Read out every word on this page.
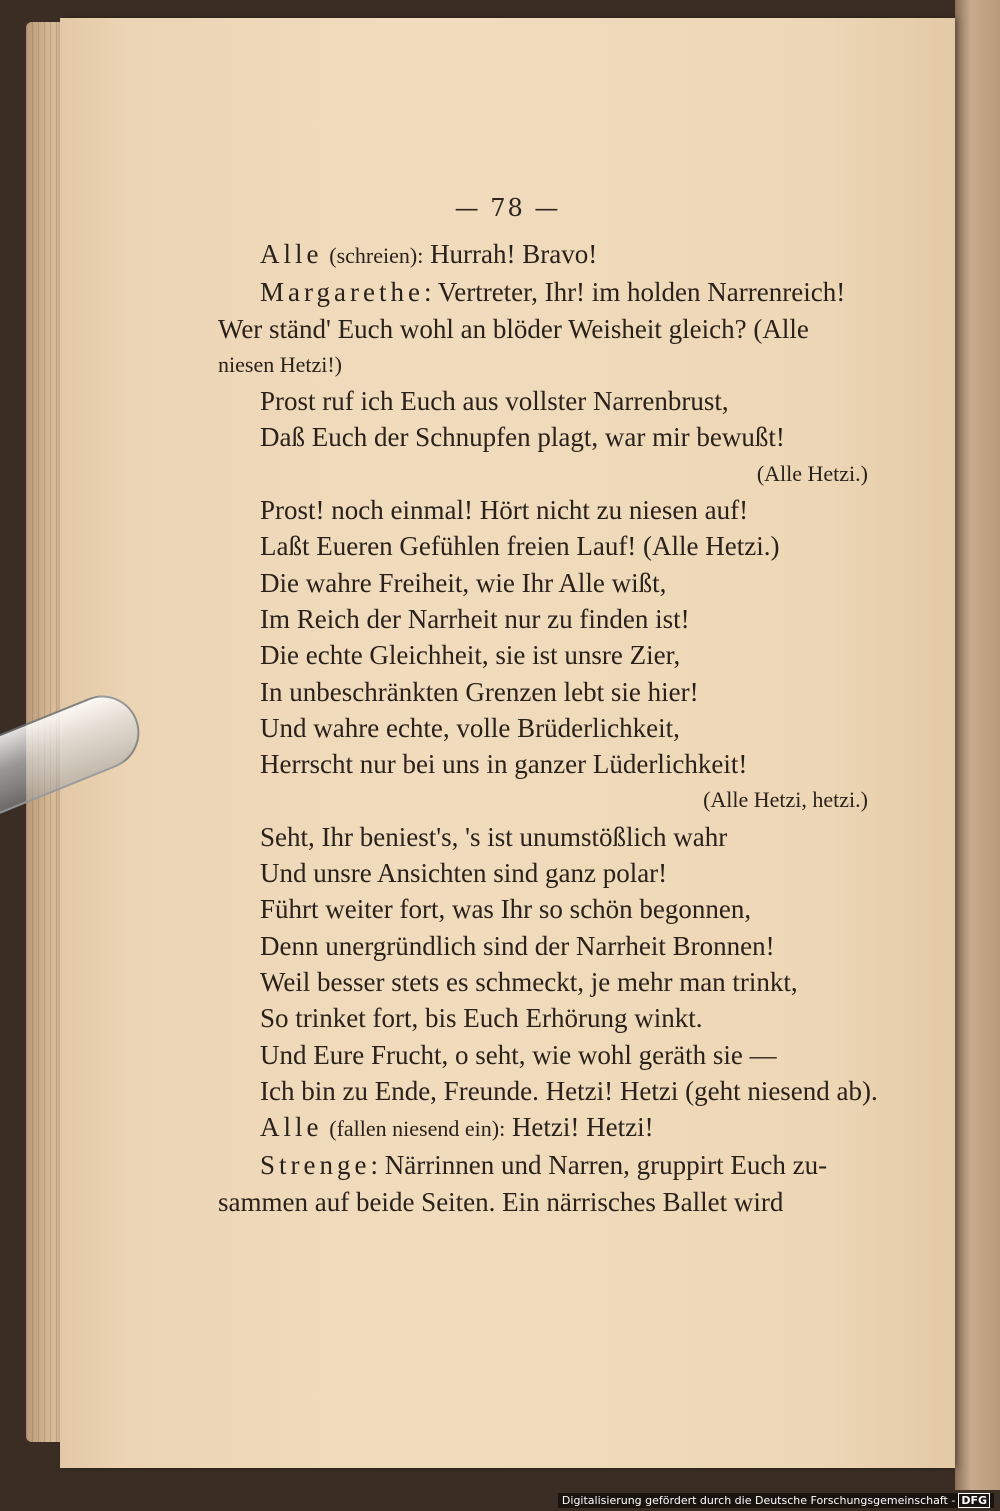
— 78 —
Alle (schreien): Hurrah! Bravo!
Margarethe: Vertreter, Ihr! im holden Narrenreich!
Wer ständ' Euch wohl an blöder Weisheit gleich? (Alle
niesen Hetzi!)
Prost ruf ich Euch aus vollster Narrenbrust,
Daß Euch der Schnupfen plagt, war mir bewußt!
(Alle Hetzi.)
Prost! noch einmal! Hört nicht zu niesen auf!
Laßt Eueren Gefühlen freien Lauf! (Alle Hetzi.)
Die wahre Freiheit, wie Ihr Alle wißt,
Im Reich der Narrheit nur zu finden ist!
Die echte Gleichheit, sie ist unsre Zier,
In unbeschränkten Grenzen lebt sie hier!
Und wahre echte, volle Brüderlichkeit,
Herrscht nur bei uns in ganzer Lüderlichkeit!
(Alle Hetzi, hetzi.)
Seht, Ihr beniest's, 's ist unumstößlich wahr
Und unsre Ansichten sind ganz polar!
Führt weiter fort, was Ihr so schön begonnen,
Denn unergründlich sind der Narrheit Bronnen!
Weil besser stets es schmeckt, je mehr man trinkt,
So trinket fort, bis Euch Erhörung winkt.
Und Eure Frucht, o seht, wie wohl geräth sie —
Ich bin zu Ende, Freunde. Hetzi! Hetzi (geht niesend ab).
Alle (fallen niesend ein): Hetzi! Hetzi!
Strenge: Närrinnen und Narren, gruppirt Euch zu-
sammen auf beide Seiten. Ein närrisches Ballet wird
Digitalisierung gefördert durch die Deutsche Forschungsgemeinschaft - DFG
